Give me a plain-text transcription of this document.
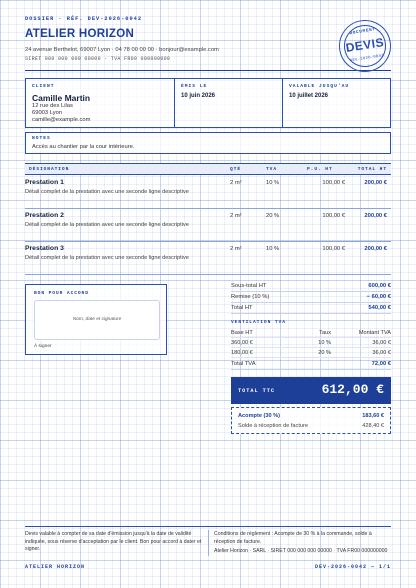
DOSSIER · RÉF. DEV-2026-0042
ATELIER HORIZON
24 avenue Berthelot, 69007 Lyon · 04 78 00 00 00 · bonjour@example.com
SIRET 000 000 000 00000 · TVA FR00 000000000
DOCUMENT
DEVIS
DEV-2026-0042
CLIENT
Camille Martin
12 rue des Lilas
69003 Lyon
camille@example.com
ÉMIS LE
10 juin 2026
VALABLE JUSQU'AU
10 juillet 2026
NOTES
Accès au chantier par la cour intérieure.
DÉSIGNATION	QTÉ	TVA	P.U. HT	TOTAL HT
Prestation 1
Détail complet de la prestation avec une seconde ligne descriptive
2 m²	10 %	100,00 €	200,00 €
Prestation 2
Détail complet de la prestation avec une seconde ligne descriptive
2 m²	20 %	100,00 €	200,00 €
Prestation 3
Détail complet de la prestation avec une seconde ligne descriptive
2 m²	10 %	100,00 €	200,00 €
BON POUR ACCORD
Nom, date et signature
À signer
Sous-total HT	600,00 €
Remise (10 %)	− 60,00 €
Total HT	540,00 €
VENTILATION TVA
Base HT	Taux	Montant TVA
360,00 €	10 %	36,00 €
180,00 €	20 %	36,00 €
Total TVA	72,00 €
TOTAL TTC	612,00 €
Acompte (30 %)	183,60 €
Solde à réception de facture	428,40 €
Devis valable à compter de sa date d'émission jusqu'à la date de validité indiquée, sous réserve d'acceptation par le client. Bon pour accord à dater et signer.
Conditions de règlement : Acompte de 30 % à la commande, solde à réception de facture.
Atelier Horizon · SARL · SIRET 000 000 000 00000 · TVA FR00 000000000
ATELIER HORIZON	DEV-2026-0042 — 1/1
